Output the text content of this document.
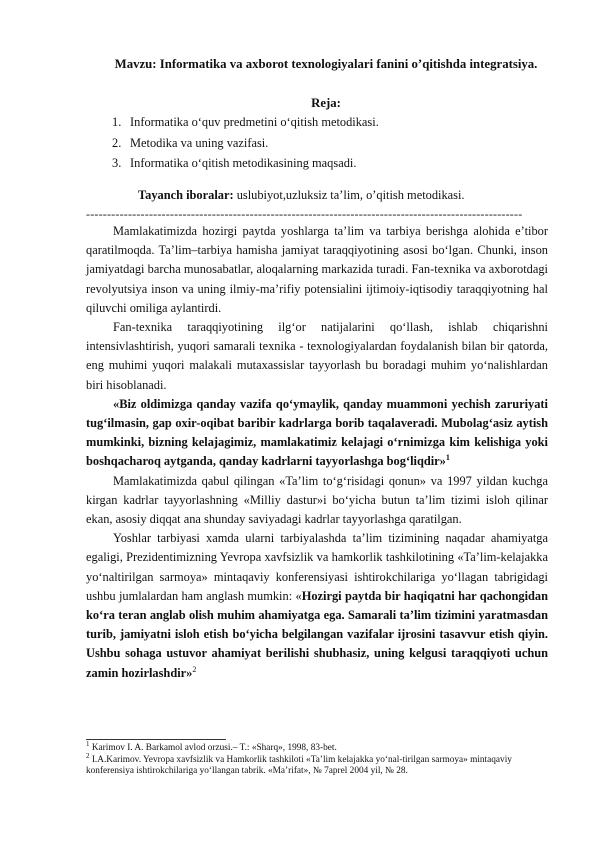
Mavzu: Informatika va axborot texnologiyalari fanini o’qitishda integratsiya.
Reja:
1. Informatika o‘quv predmetini o‘qitish metodikasi.
2. Metodika va uning vazifasi.
3. Informatika o‘qitish metodikasining maqsadi.
Tayanch iboralar: uslubiyot,uzluksiz ta’lim, o’qitish metodikasi.
--------------------------------------------------------------------------------------------------------

Mamlakatimizda hozirgi paytda yoshlarga ta’lim va tarbiya berishga alohida e’tibor qaratilmoqda. Ta’lim–tarbiya hamisha jamiyat taraqqiyotining asosi bo‘lgan. Chunki, inson jamiyatdagi barcha munosabatlar, aloqalarning markazida turadi. Fan-texnika va axborotdagi revolyutsiya inson va uning ilmiy-ma’rifiy potensialini ijtimoiy-iqtisodiy taraqqiyotning hal qiluvchi omiliga aylantirdi.

Fan-texnika taraqqiyotining ilg‘or natijalarini qo‘llash, ishlab chiqarishni intensivlashtirish, yuqori samarali texnika - texnologiyalardan foydalanish bilan bir qatorda, eng muhimi yuqori malakali mutaxassislar tayyorlash bu boradagi muhim yo‘nalishlardan biri hisoblanadi.

«Biz oldimizga qanday vazifa qo‘ymaylik, qanday muammoni yechish zaruriyati tug‘ilmasin, gap oxir-oqibat baribir kadrlarga borib taqalaveradi. Mubolag‘asiz aytish mumkinki, bizning kelajagimiz, mamlakatimiz kelajagi o‘rnimizga kim kelishiga yoki boshqacharoq aytganda, qanday kadrlarni tayyorlashga bog‘liqdir»$^1$

Mamlakatimizda qabul qilingan «Ta’lim to‘g‘risidagi qonun» va 1997 yildan kuchga kirgan kadrlar tayyorlashning «Milliy dastur»i bo‘yicha butun ta’lim tizimi isloh qilinar ekan, asosiy diqqat ana shunday saviyadagi kadrlar tayyorlashga qaratilgan.

Yoshlar tarbiyasi xamda ularni tarbiyalashda ta’lim tizimining naqadar ahamiyatga egaligi, Prezidentimizning Yevropa xavfsizlik va hamkorlik tashkilotining «Ta’lim-kelajakka yo‘naltirilgan sarmoya» mintaqaviy konferensiyasi ishtirokchilariga yo‘llagan tabrigidagi ushbu jumlalardan ham anglash mumkin: «Hozirgi paytda bir haqiqatni har qachongidan ko‘ra teran anglab olish muhim ahamiyatga ega. Samarali ta’lim tizimini yaratmasdan turib, jamiyatni isloh etish bo‘yicha belgilangan vazifalar ijrosini tasavvur etish qiyin. Ushbu sohaga ustuvor ahamiyat berilishi shubhasiz, uning kelgusi taraqqiyoti uchun zamin hozirlashdir»$^2$

$^1$ Karimov I. A. Barkamol avlod orzusi.– T.: «Sharq», 1998, 83-bet.

$^2$ I.A.Karimov. Yevropa xavfsizlik va Hamkorlik tashkiloti «Ta’lim kelajakka yo‘nal-tirilgan sarmoya» mintaqaviy konferensiya ishtirokchilariga yo‘llangan tabrik. «Ma’rifat», № 7aprel 2004 yil, № 28.
